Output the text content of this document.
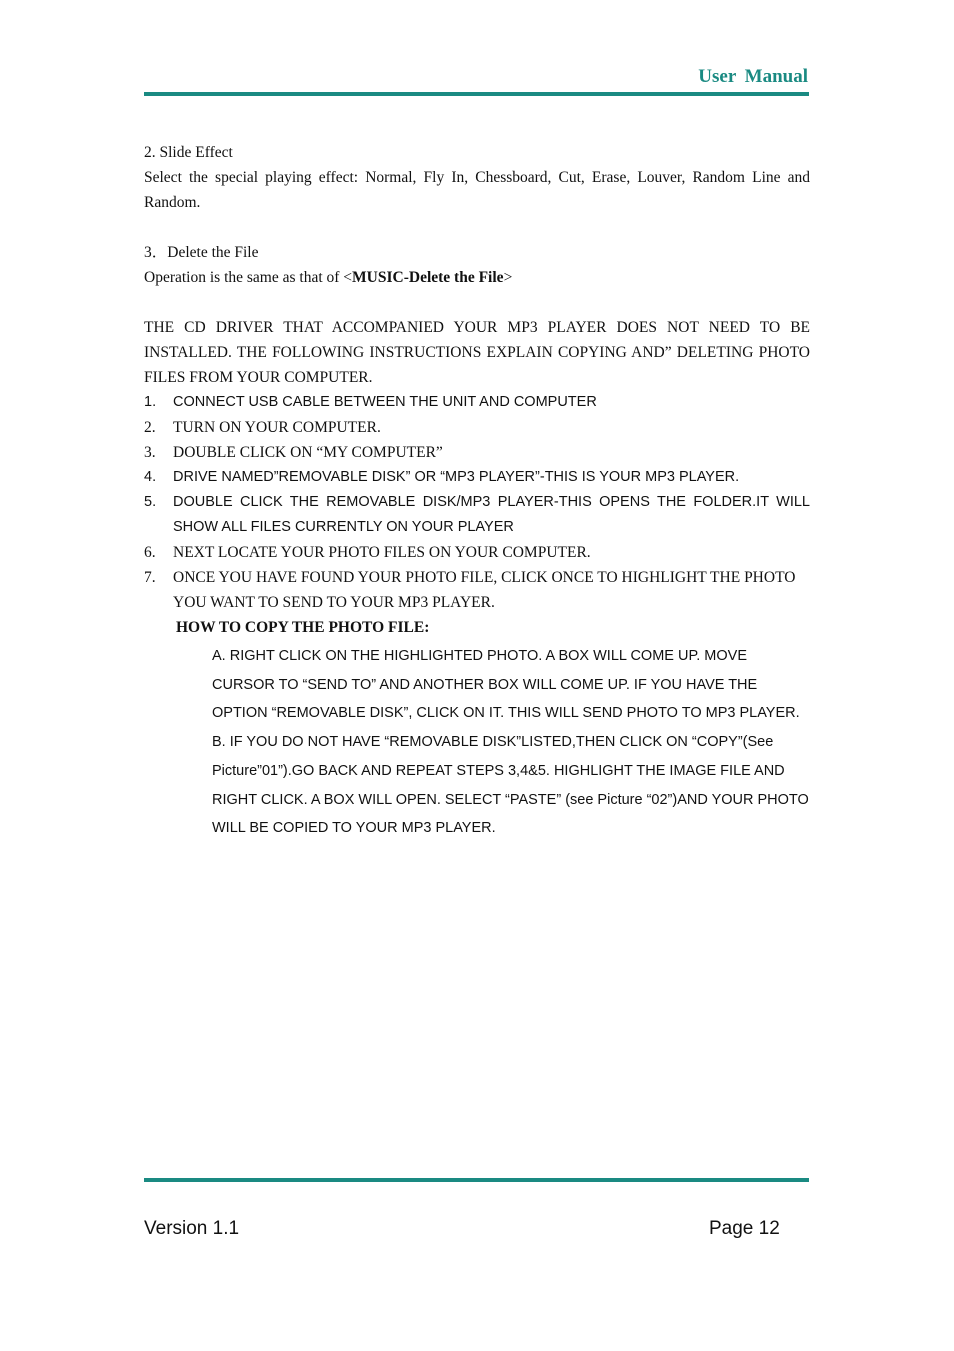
User Manual

2. Slide Effect

Select the special playing effect: Normal, Fly In, Chessboard, Cut, Erase, Louver, Random Line and Random.

3．Delete the File

Operation is the same as that of <MUSIC-Delete the File>

THE CD DRIVER THAT ACCOMPANIED YOUR MP3 PLAYER DOES NOT NEED TO BE INSTALLED. THE FOLLOWING INSTRUCTIONS EXPLAIN COPYING AND” DELETING PHOTO FILES FROM YOUR COMPUTER.

1. CONNECT USB CABLE BETWEEN THE UNIT AND COMPUTER
2. TURN ON YOUR COMPUTER.
3. DOUBLE CLICK ON “MY COMPUTER”
4. DRIVE NAMED”REMOVABLE DISK” OR “MP3 PLAYER”-THIS IS YOUR MP3 PLAYER.
5. DOUBLE CLICK THE REMOVABLE DISK/MP3 PLAYER-THIS OPENS THE FOLDER.IT WILL SHOW ALL FILES CURRENTLY ON YOUR PLAYER
6. NEXT LOCATE YOUR PHOTO FILES ON YOUR COMPUTER.
7. ONCE YOU HAVE FOUND YOUR PHOTO FILE, CLICK ONCE TO HIGHLIGHT THE PHOTO YOU WANT TO SEND TO YOUR MP3 PLAYER.

HOW TO COPY THE PHOTO FILE:

A. RIGHT CLICK ON THE HIGHLIGHTED PHOTO. A BOX WILL COME UP. MOVE CURSOR TO “SEND TO” AND ANOTHER BOX WILL COME UP. IF YOU HAVE THE OPTION “REMOVABLE DISK”, CLICK ON IT. THIS WILL SEND PHOTO TO MP3 PLAYER.

B. IF YOU DO NOT HAVE “REMOVABLE DISK”LISTED,THEN CLICK ON “COPY”(See Picture”01”).GO BACK AND REPEAT STEPS 3,4&5. HIGHLIGHT THE IMAGE FILE AND RIGHT CLICK. A BOX WILL OPEN. SELECT “PASTE” (see Picture “02”)AND YOUR PHOTO WILL BE COPIED TO YOUR MP3 PLAYER.

Version 1.1	Page 12
